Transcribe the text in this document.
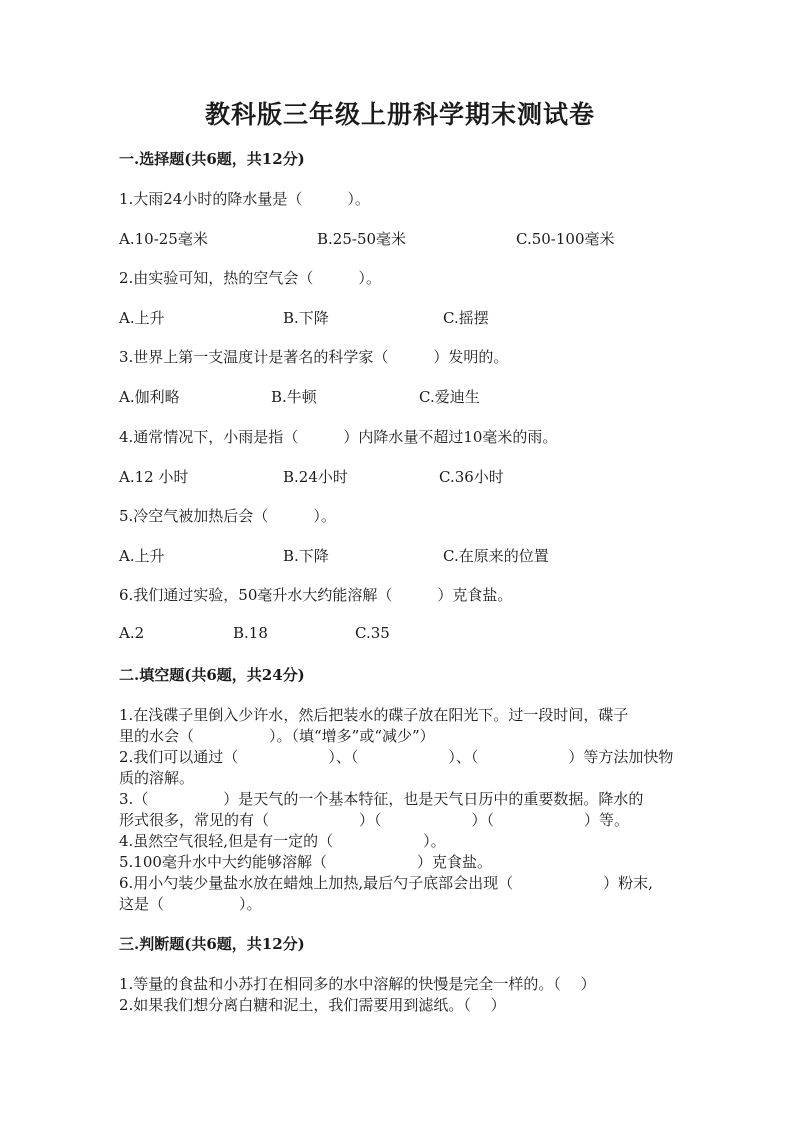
教科版三年级上册科学期末测试卷
一.选择题(共6题，共12分)
1.大雨24小时的降水量是（　　　）。
A.10-25毫米	B.25-50毫米	C.50-100毫米
2.由实验可知，热的空气会（　　　）。
A.上升	B.下降	C.摇摆
3.世界上第一支温度计是著名的科学家（　　　）发明的。
A.伽利略	B.牛顿	C.爱迪生
4.通常情况下，小雨是指（　　　）内降水量不超过10毫米的雨。
A.12 小时	B.24小时	C.36小时
5.冷空气被加热后会（　　　）。
A.上升	B.下降	C.在原来的位置
6.我们通过实验，50毫升水大约能溶解（　　　）克食盐。
A.2	B.18	C.35
二.填空题(共6题，共24分)
1.在浅碟子里倒入少许水，然后把装水的碟子放在阳光下。过一段时间，碟子
里的水会（　　　　　）。（填“增多”或“减少”）
2.我们可以通过（　　　　　　）、（　　　　　　）、（　　　　　　）等方法加快物
质的溶解。
3.（　　　　　）是天气的一个基本特征，也是天气日历中的重要数据。降水的
形式很多，常见的有（　　　　　　）（　　　　　　）（　　　　　　）等。
4.虽然空气很轻,但是有一定的（　　　　　　）。
5.100毫升水中大约能够溶解（　　　　　　）克食盐。
6.用小勺装少量盐水放在蜡烛上加热,最后勺子底部会出现（　　　　　　）粉末,
这是（　　　　　）。
三.判断题(共6题，共12分)
1.等量的食盐和小苏打在相同多的水中溶解的快慢是完全一样的。（　 ）
2.如果我们想分离白糖和泥土，我们需要用到滤纸。（　 ）
